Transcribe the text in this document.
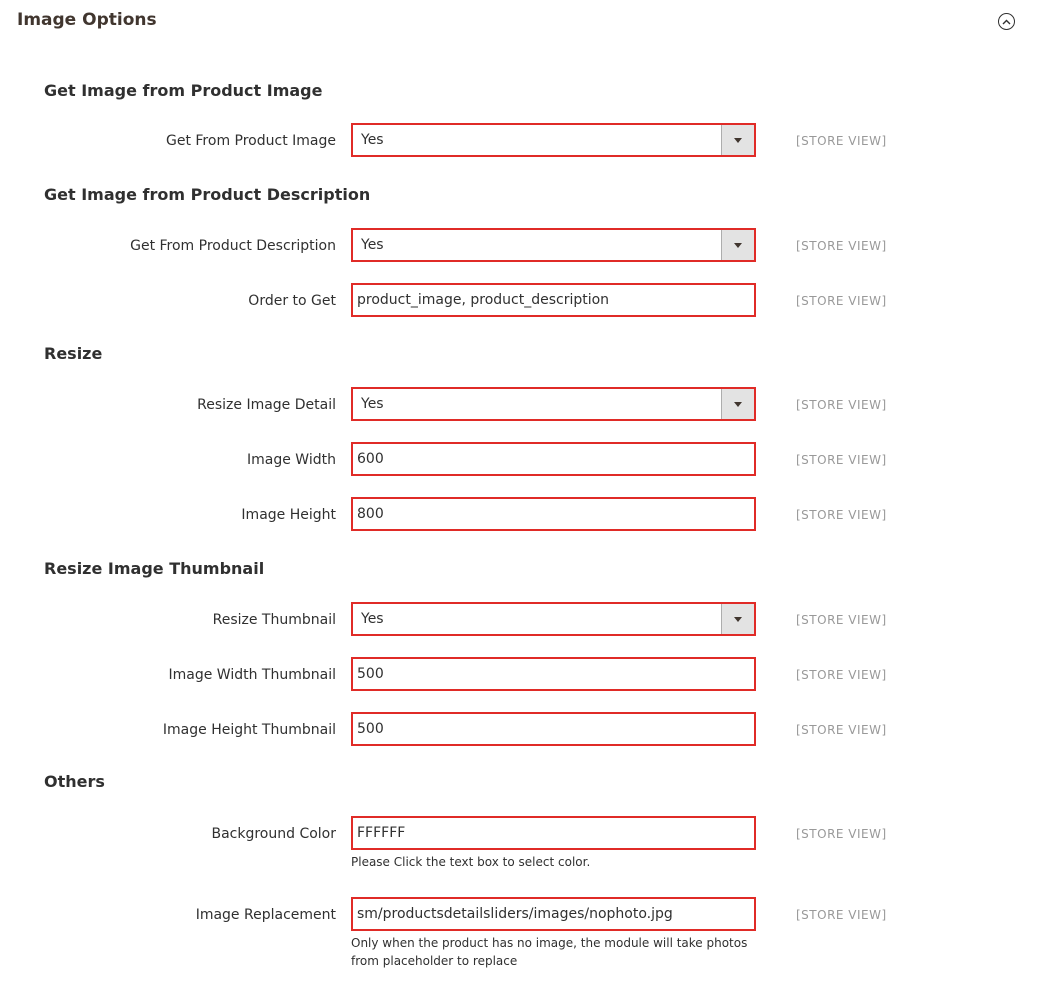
Image Options
Get Image from Product Image
Get From Product Image	Yes	[STORE VIEW]
Get Image from Product Description
Get From Product Description	Yes	[STORE VIEW]
Order to Get	product_image, product_description	[STORE VIEW]
Resize
Resize Image Detail	Yes	[STORE VIEW]
Image Width	600	[STORE VIEW]
Image Height	800	[STORE VIEW]
Resize Image Thumbnail
Resize Thumbnail	Yes	[STORE VIEW]
Image Width Thumbnail	500	[STORE VIEW]
Image Height Thumbnail	500	[STORE VIEW]
Others
Background Color	FFFFFF	[STORE VIEW]
Please Click the text box to select color.
Image Replacement	sm/productsdetailsliders/images/nophoto.jpg	[STORE VIEW]
Only when the product has no image, the module will take photos
from placeholder to replace
